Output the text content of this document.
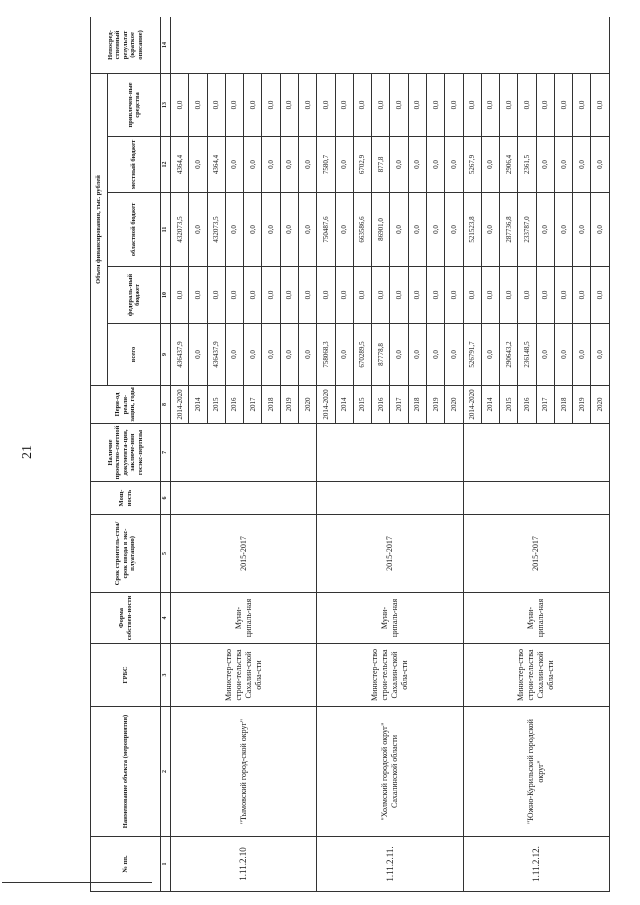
21
№ пп.	Наименование объекта (мероприятия)	ГРБС	Форма собствен-ности	Срок строитель-ства/срок ввода в экс-плуатацию)	Мощ-ность	Наличие проектно-сметной документа-ции, заключе-ния госэкс-пертизы	Пери-од реали-зации, годы	Объем финансирования, тыс. рублей					Непосред-ственный результат (краткое описание)
								всего	федераль-ный бюджет	областной бюджет	местный бюджет	привлечен-ные средства	
1	2	3	4	5	6	7	8	9	10	11	12	13	14
1.11.2.10	"Тымовский город-ской округ"	Министер-ство строи-тельства Сахалин-ской обла-сти	Муни-ципаль-ная	2015-2017			2014-2020	436437,9	0,0	432073,5	4364,4	0,0	
							2014	0,0	0,0	0,0	0,0	0,0	
							2015	436437,9	0,0	432073,5	4364,4	0,0	
							2016	0,0	0,0	0,0	0,0	0,0	
							2017	0,0	0,0	0,0	0,0	0,0	
							2018	0,0	0,0	0,0	0,0	0,0	
							2019	0,0	0,0	0,0	0,0	0,0	
							2020	0,0	0,0	0,0	0,0	0,0	
1.11.2.11.	"Холмский городской округ" Сахалинской области	Министер-ство строи-тельства Сахалин-ской обла-сти	Муни-ципаль-ная	2015-2017			2014-2020	758068,3	0,0	750487,6	7580,7	0,0	
							2014	0,0	0,0	0,0	0,0	0,0	
							2015	670289,5	0,0	663586,6	6702,9	0,0	
							2016	87778,8	0,0	86901,0	877,8	0,0	
							2017	0,0	0,0	0,0	0,0	0,0	
							2018	0,0	0,0	0,0	0,0	0,0	
							2019	0,0	0,0	0,0	0,0	0,0	
							2020	0,0	0,0	0,0	0,0	0,0	
1.11.2.12.	"Южно-Курильский городской округ"	Министер-ство строи-тельства Сахалин-ской обла-сти	Муни-ципаль-ная	2015-2017			2014-2020	526791,7	0,0	521523,8	5267,9	0,0	
							2014	0,0	0,0	0,0	0,0	0,0	
							2015	290643,2	0,0	287736,8	2906,4	0,0	
							2016	236148,5	0,0	233787,0	2361,5	0,0	
							2017	0,0	0,0	0,0	0,0	0,0	
							2018	0,0	0,0	0,0	0,0	0,0	
							2019	0,0	0,0	0,0	0,0	0,0	
							2020	0,0	0,0	0,0	0,0	0,0	
